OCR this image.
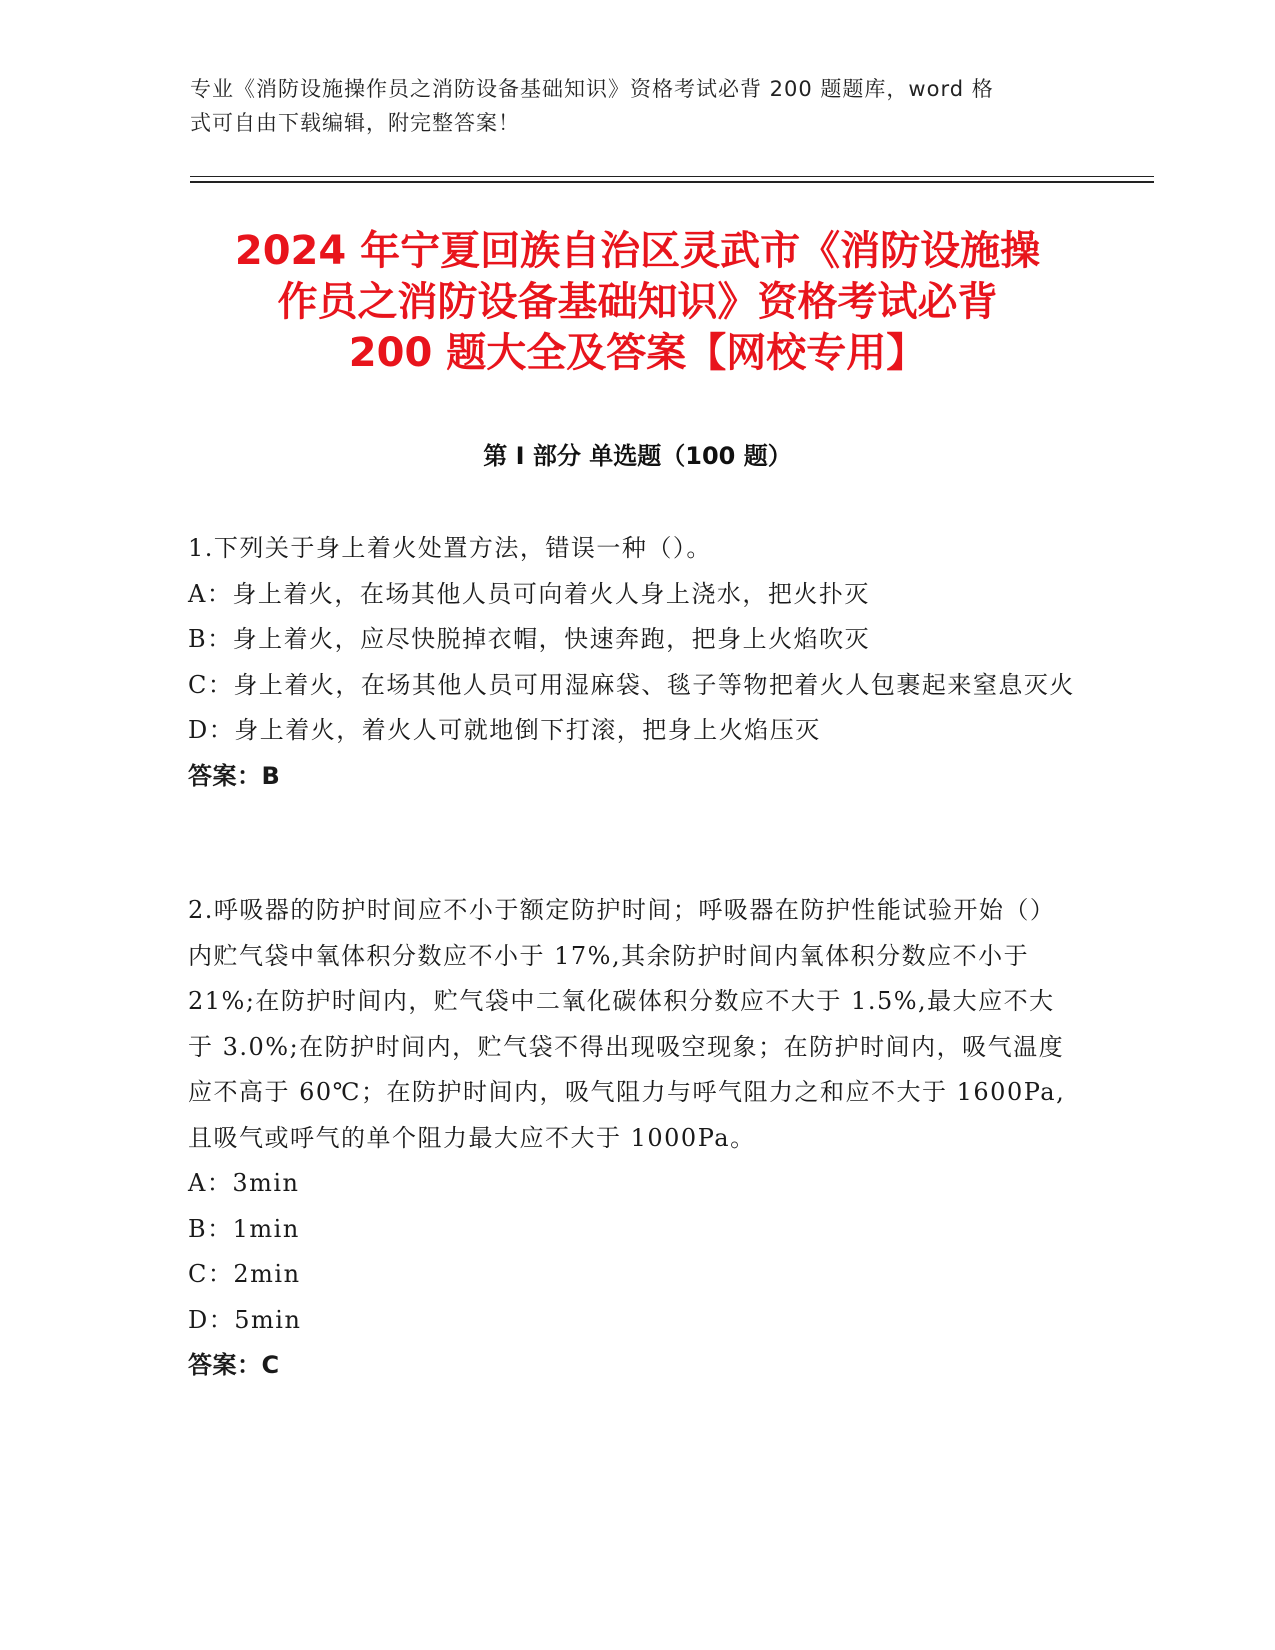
专业《消防设施操作员之消防设备基础知识》资格考试必背 200 题题库，word 格
式可自由下载编辑，附完整答案！
2024 年宁夏回族自治区灵武市《消防设施操
作员之消防设备基础知识》资格考试必背
200 题大全及答案【网校专用】
第 I 部分 单选题（100 题）
1.下列关于身上着火处置方法，错误一种（）。
A：身上着火，在场其他人员可向着火人身上浇水，把火扑灭
B：身上着火，应尽快脱掉衣帽，快速奔跑，把身上火焰吹灭
C：身上着火，在场其他人员可用湿麻袋、毯子等物把着火人包裹起来窒息灭火
D：身上着火，着火人可就地倒下打滚，把身上火焰压灭
答案：B
2.呼吸器的防护时间应不小于额定防护时间；呼吸器在防护性能试验开始（）内贮气袋中氧体积分数应不小于 17%,其余防护时间内氧体积分数应不小于 21%;在防护时间内，贮气袋中二氧化碳体积分数应不大于 1.5%,最大应不大于 3.0%;在防护时间内，贮气袋不得出现吸空现象；在防护时间内，吸气温度应不高于 60℃；在防护时间内，吸气阻力与呼气阻力之和应不大于 1600Pa,且吸气或呼气的单个阻力最大应不大于 1000Pa。
A：3min
B：1min
C：2min
D：5min
答案：C
